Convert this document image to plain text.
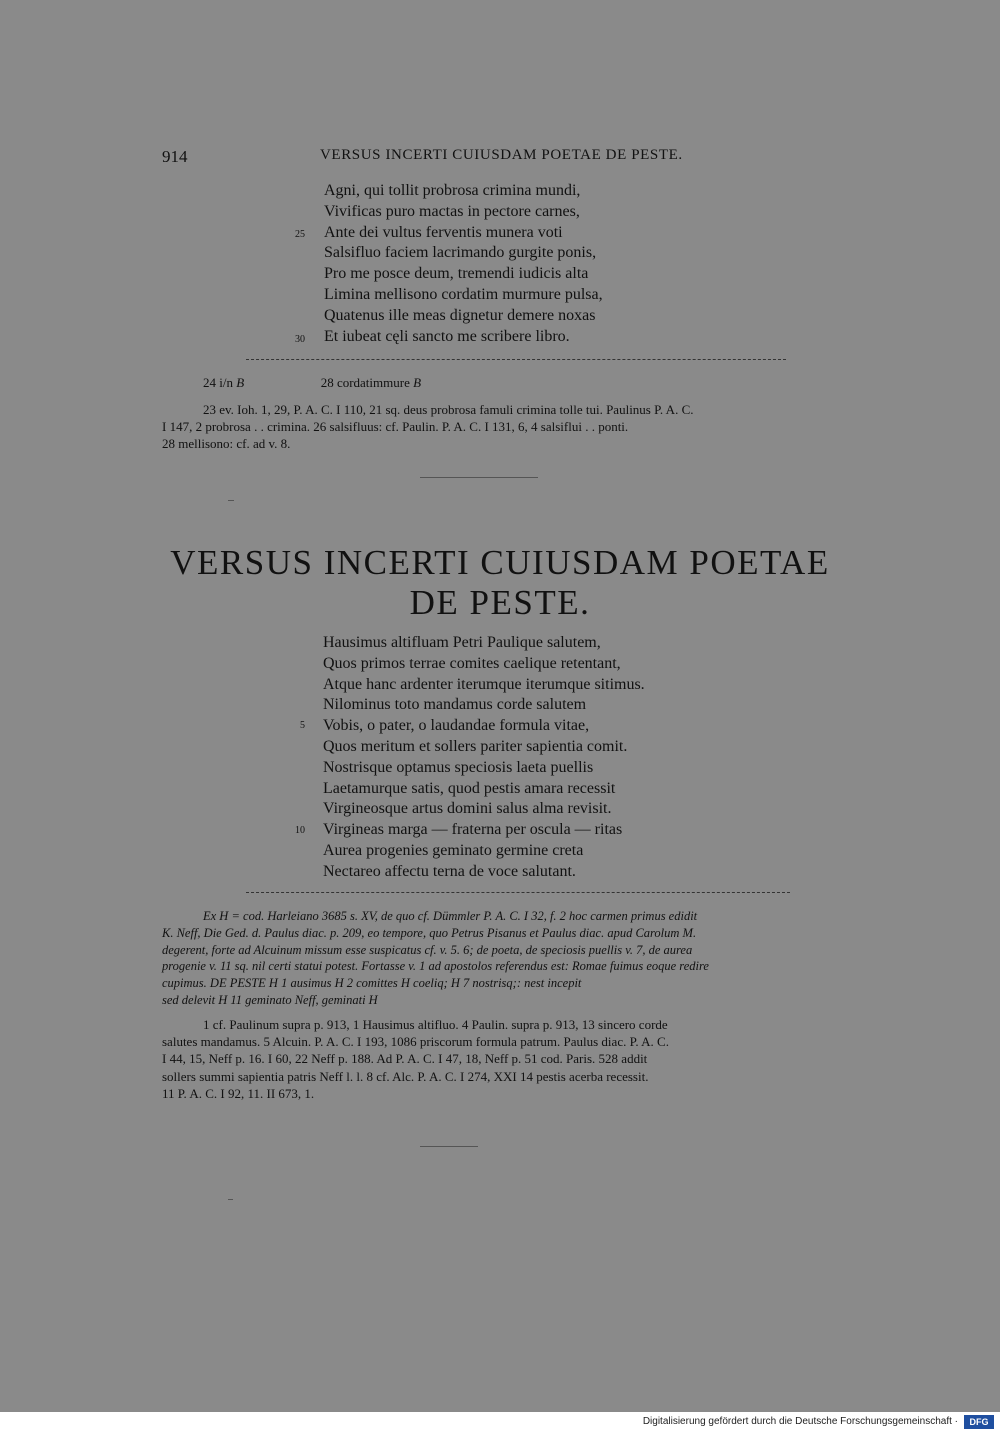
914	VERSUS INCERTI CUIUSDAM POETAE DE PESTE.
Agni, qui tollit probrosa crimina mundi,
Vivificas puro mactas in pectore carnes,
Ante dei vultus ferventis munera voti
Salsifluo faciem lacrimando gurgite ponis,
Pro me posce deum, tremendi iudicis alta
Limina mellisono cordatim murmure pulsa,
Quatenus ille meas dignetur demere noxas
Et iubeat cęli sancto me scribere libro.
25
30
24 i/n B	28 cordatimmure B
23 ev. Ioh. 1, 29, P. A. C. I 110, 21 sq. deus probrosa famuli crimina tolle tui. Paulinus P. A. C.
I 147, 2 probrosa . . crimina. 26 salsifluus: cf. Paulin. P. A. C. I 131, 6, 4 salsiflui . . ponti.
28 mellisono: cf. ad v. 8.
VERSUS INCERTI CUIUSDAM POETAE
DE PESTE.
Hausimus altifluam Petri Paulique salutem,
Quos primos terrae comites caelique retentant,
Atque hanc ardenter iterumque iterumque sitimus.
Nilominus toto mandamus corde salutem
Vobis, o pater, o laudandae formula vitae,
Quos meritum et sollers pariter sapientia comit.
Nostrisque optamus speciosis laeta puellis
Laetamurque satis, quod pestis amara recessit
Virgineosque artus domini salus alma revisit.
Virgineas marga — fraterna per oscula — ritas
Aurea progenies geminato germine creta
Nectareo affectu terna de voce salutant.
5
10
Ex H = cod. Harleiano 3685 s. XV, de quo cf. Dümmler P. A. C. I 32, f. 2 hoc carmen primus edidit
K. Neff, Die Ged. d. Paulus diac. p. 209, eo tempore, quo Petrus Pisanus et Paulus diac. apud Carolum M.
degerent, forte ad Alcuinum missum esse suspicatus cf. v. 5. 6; de poeta, de speciosis puellis v. 7, de aurea
progenie v. 11 sq. nil certi statui potest. Fortasse v. 1 ad apostolos referendus est: Romae fuimus eoque redire
cupimus. DE PESTE H 1 ausimus H 2 comittes H coeliq; H 7 nostrisq;: nest incepit
sed delevit H 11 geminato Neff, geminati H
1 cf. Paulinum supra p. 913, 1 Hausimus altifluo. 4 Paulin. supra p. 913, 13 sincero corde
salutes mandamus. 5 Alcuin. P. A. C. I 193, 1086 priscorum formula patrum. Paulus diac. P. A. C.
I 44, 15, Neff p. 16. I 60, 22 Neff p. 188. Ad P. A. C. I 47, 18, Neff p. 51 cod. Paris. 528 addit
sollers summi sapientia patris Neff l. l. 8 cf. Alc. P. A. C. I 274, XXI 14 pestis acerba recessit.
11 P. A. C. I 92, 11. II 673, 1.
Digitalisierung gefördert durch die Deutsche Forschungsgemeinschaft ·	DFG
